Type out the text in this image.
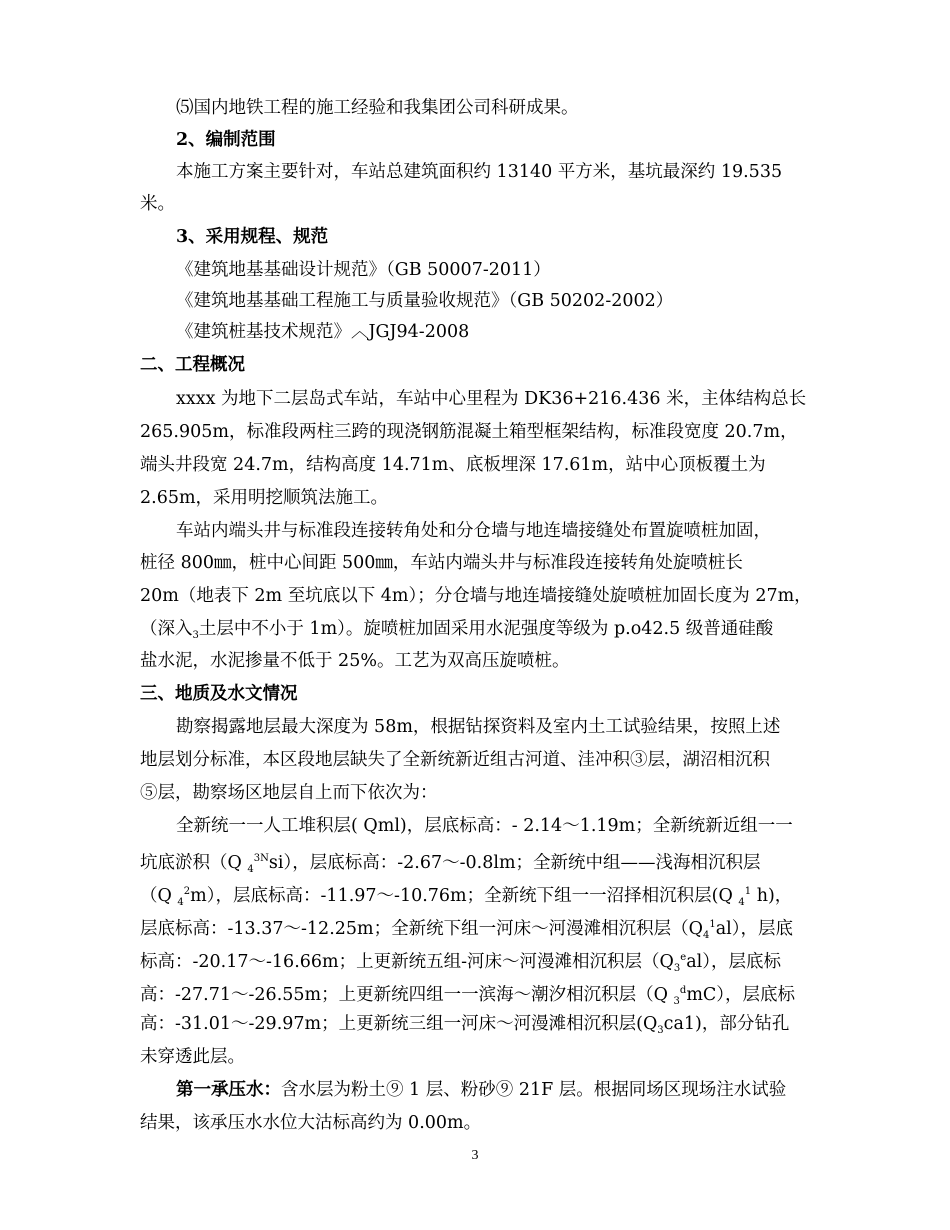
⑸国内地铁工程的施工经验和我集团公司科研成果。
2、编制范围
本施工方案主要针对，车站总建筑面积约 13140 平方米，基坑最深约 19.535
米。
3、采用规程、规范
《建筑地基基础设计规范》（GB 50007-2011）
《建筑地基基础工程施工与质量验收规范》（GB 50202-2002）
《建筑桩基技术规范》︿JGJ94-2008
二、工程概况
xxxx 为地下二层岛式车站，车站中心里程为 DK36+216.436 米，主体结构总长
265.905m，标准段两柱三跨的现浇钢筋混凝土箱型框架结构，标准段宽度 20.7m，
端头井段宽 24.7m，结构高度 14.71m、底板埋深 17.61m，站中心顶板覆土为
2.65m，采用明挖顺筑法施工。
车站内端头井与标准段连接转角处和分仓墙与地连墙接缝处布置旋喷桩加固，
桩径 800㎜，桩中心间距 500㎜，车站内端头井与标准段连接转角处旋喷桩长
20m（地表下 2m 至坑底以下 4m）；分仓墙与地连墙接缝处旋喷桩加固长度为 27m，
（深入$_3$土层中不小于 1m）。旋喷桩加固采用水泥强度等级为 p.o42.5 级普通硅酸
盐水泥，水泥掺量不低于 25%。工艺为双高压旋喷桩。
三、地质及水文情况
勘察揭露地层最大深度为 58m，根据钻探资料及室内土工试验结果，按照上述
地层划分标准，本区段地层缺失了全新统新近组古河道、洼冲积③层，湖沼相沉积
⑤层，勘察场区地层自上而下依次为：
全新统一一人工堆积层( Qml)，层底标高：- 2.14～1.19m；全新统新近组一一
坑底淤积（Q $_4^{3N}$si），层底标高：-2.67～-0.8lm；全新统中组——浅海相沉积层
（Q $_4^2$m），层底标高：-11.97～-10.76m；全新统下组一一沼择相沉积层(Q $_4^1$ h)，
层底标高：-13.37～-12.25m；全新统下组一河床～河漫滩相沉积层$(Q_4^1al)$，层底
标高：-20.17～-16.66m；上更新统五组-河床～河漫滩相沉积层$(Q_3^eal)$，层底标
高：-27.71～-26.55m；上更新统四组一一滨海～潮汐相沉积层（Q $_3^d$mC），层底标
高：-31.01～-29.97m；上更新统三组一河床～河漫滩相沉积层$(Q_3ca1)$，部分钻孔
未穿透此层。
第一承压水：含水层为粉土⑨ 1 层、粉砂⑨ 21F 层。根据同场区现场注水试验
结果，该承压水水位大沽标高约为 0.00m。
3
